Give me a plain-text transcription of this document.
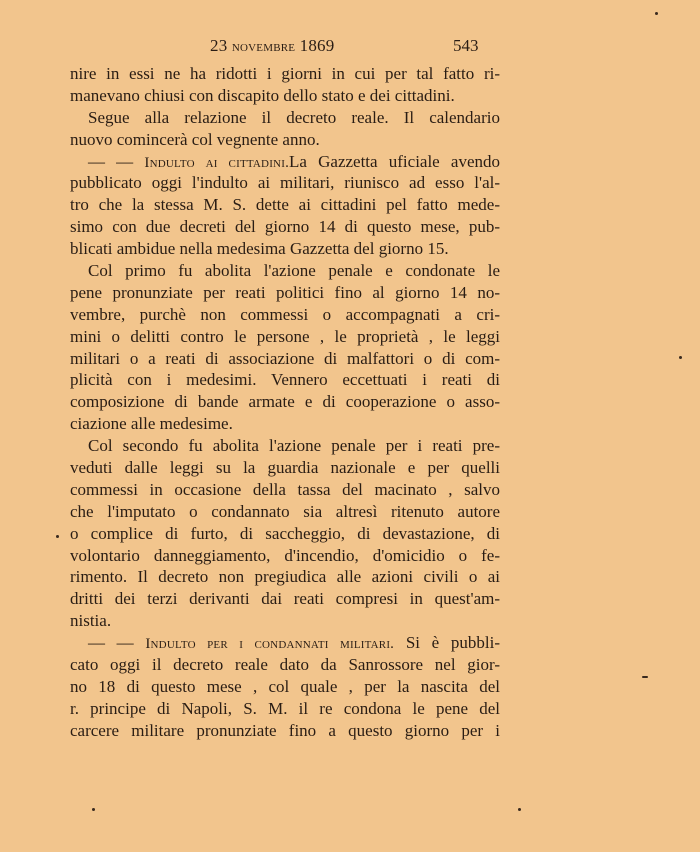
23 novembre 1869	543
nire in essi ne ha ridotti i giorni in cui per tal fatto ri-
manevano chiusi con discapito dello stato e dei cittadini.
Segue alla relazione il decreto reale. Il calendario
nuovo comincerà col vegnente anno.
— — Indulto ai cittadini.La Gazzetta uficiale avendo
pubblicato oggi l'indulto ai militari, riunisco ad esso l'al-
tro che la stessa M. S. dette ai cittadini pel fatto mede-
simo con due decreti del giorno 14 di questo mese, pub-
blicati ambidue nella medesima Gazzetta del giorno 15.
Col primo fu abolita l'azione penale e condonate le
pene pronunziate per reati politici fino al giorno 14 no-
vembre, purchè non commessi o accompagnati a cri-
mini o delitti contro le persone , le proprietà , le leggi
militari o a reati di associazione di malfattori o di com-
plicità con i medesimi. Vennero eccettuati i reati di
composizione di bande armate e di cooperazione o asso-
ciazione alle medesime.
Col secondo fu abolita l'azione penale per i reati pre-
veduti dalle leggi su la guardia nazionale e per quelli
commessi in occasione della tassa del macinato , salvo
che l'imputato o condannato sia altresì ritenuto autore
o complice di furto, di saccheggio, di devastazione, di
volontario danneggiamento, d'incendio, d'omicidio o fe-
rimento. Il decreto non pregiudica alle azioni civili o ai
dritti dei terzi derivanti dai reati compresi in quest'am-
nistia.
— — Indulto per i condannati militari. Si è pubbli-
cato oggi il decreto reale dato da Sanrossore nel gior-
no 18 di questo mese , col quale , per la nascita del
r. principe di Napoli, S. M. il re condona le pene del
carcere militare pronunziate fino a questo giorno per i
